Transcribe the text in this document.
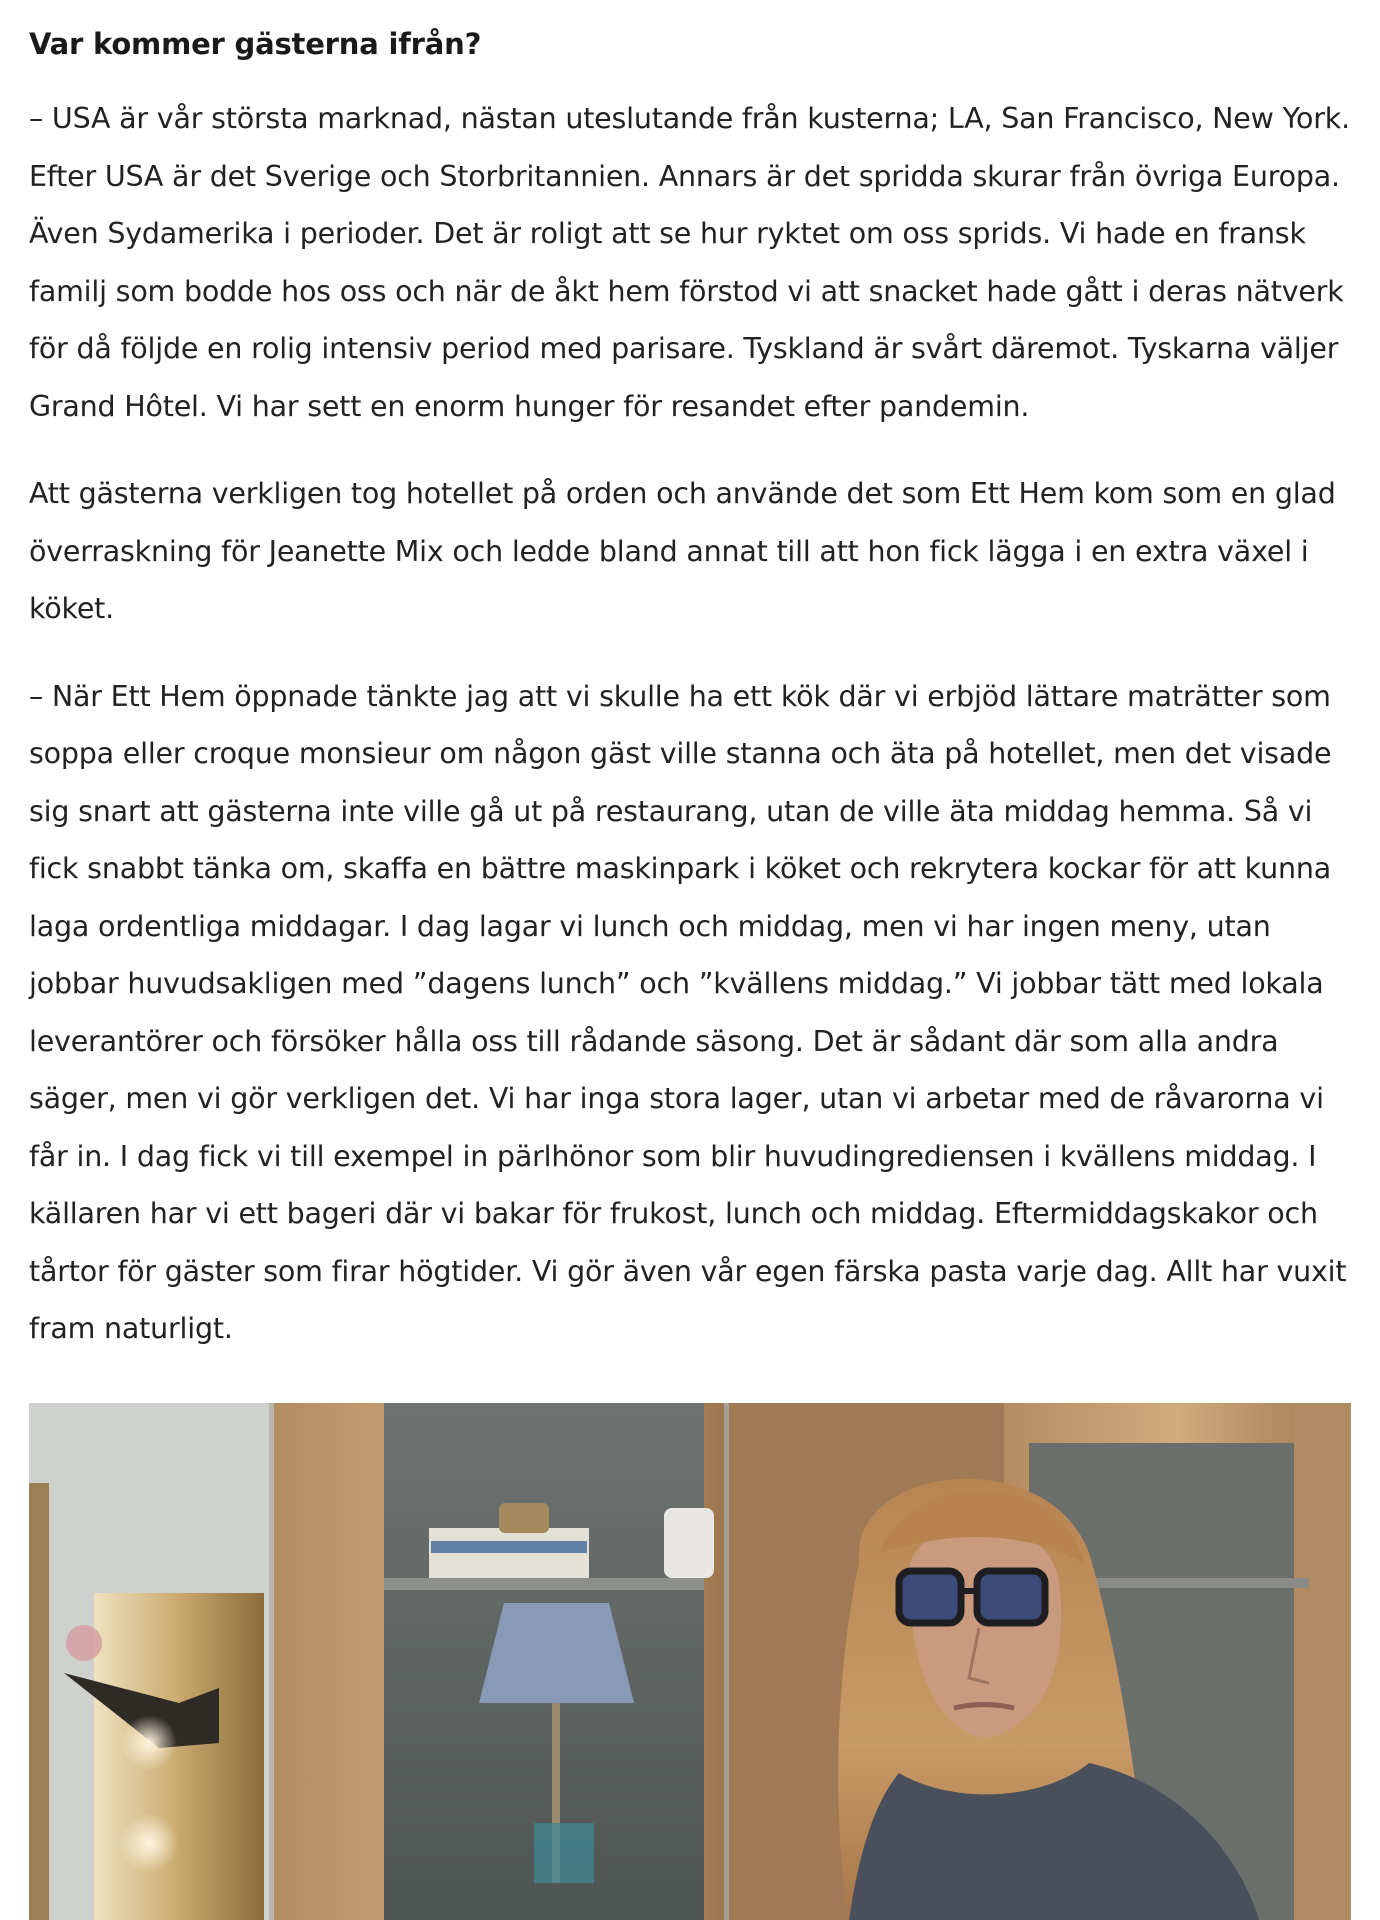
Var kommer gästerna ifrån?

– USA är vår största marknad, nästan uteslutande från kusterna; LA, San Francisco, New York. Efter USA är det Sverige och Storbritannien. Annars är det spridda skurar från övriga Europa. Även Sydamerika i perioder. Det är roligt att se hur ryktet om oss sprids. Vi hade en fransk familj som bodde hos oss och när de åkt hem förstod vi att snacket hade gått i deras nätverk för då följde en rolig intensiv period med parisare. Tyskland är svårt däremot. Tyskarna väljer Grand Hôtel. Vi har sett en enorm hunger för resandet efter pandemin.

Att gästerna verkligen tog hotellet på orden och använde det som Ett Hem kom som en glad överraskning för Jeanette Mix och ledde bland annat till att hon fick lägga i en extra växel i köket.

– När Ett Hem öppnade tänkte jag att vi skulle ha ett kök där vi erbjöd lättare maträtter som soppa eller croque monsieur om någon gäst ville stanna och äta på hotellet, men det visade sig snart att gästerna inte ville gå ut på restaurang, utan de ville äta middag hemma. Så vi fick snabbt tänka om, skaffa en bättre maskinpark i köket och rekrytera kockar för att kunna laga ordentliga middagar. I dag lagar vi lunch och middag, men vi har ingen meny, utan jobbar huvudsakligen med ”dagens lunch” och ”kvällens middag.” Vi jobbar tätt med lokala leverantörer och försöker hålla oss till rådande säsong. Det är sådant där som alla andra säger, men vi gör verkligen det. Vi har inga stora lager, utan vi arbetar med de råvarorna vi får in. I dag fick vi till exempel in pärlhönor som blir huvudingrediensen i kvällens middag. I källaren har vi ett bageri där vi bakar för frukost, lunch och middag. Eftermiddagskakor och tårtor för gäster som firar högtider. Vi gör även vår egen färska pasta varje dag. Allt har vuxit fram naturligt.
